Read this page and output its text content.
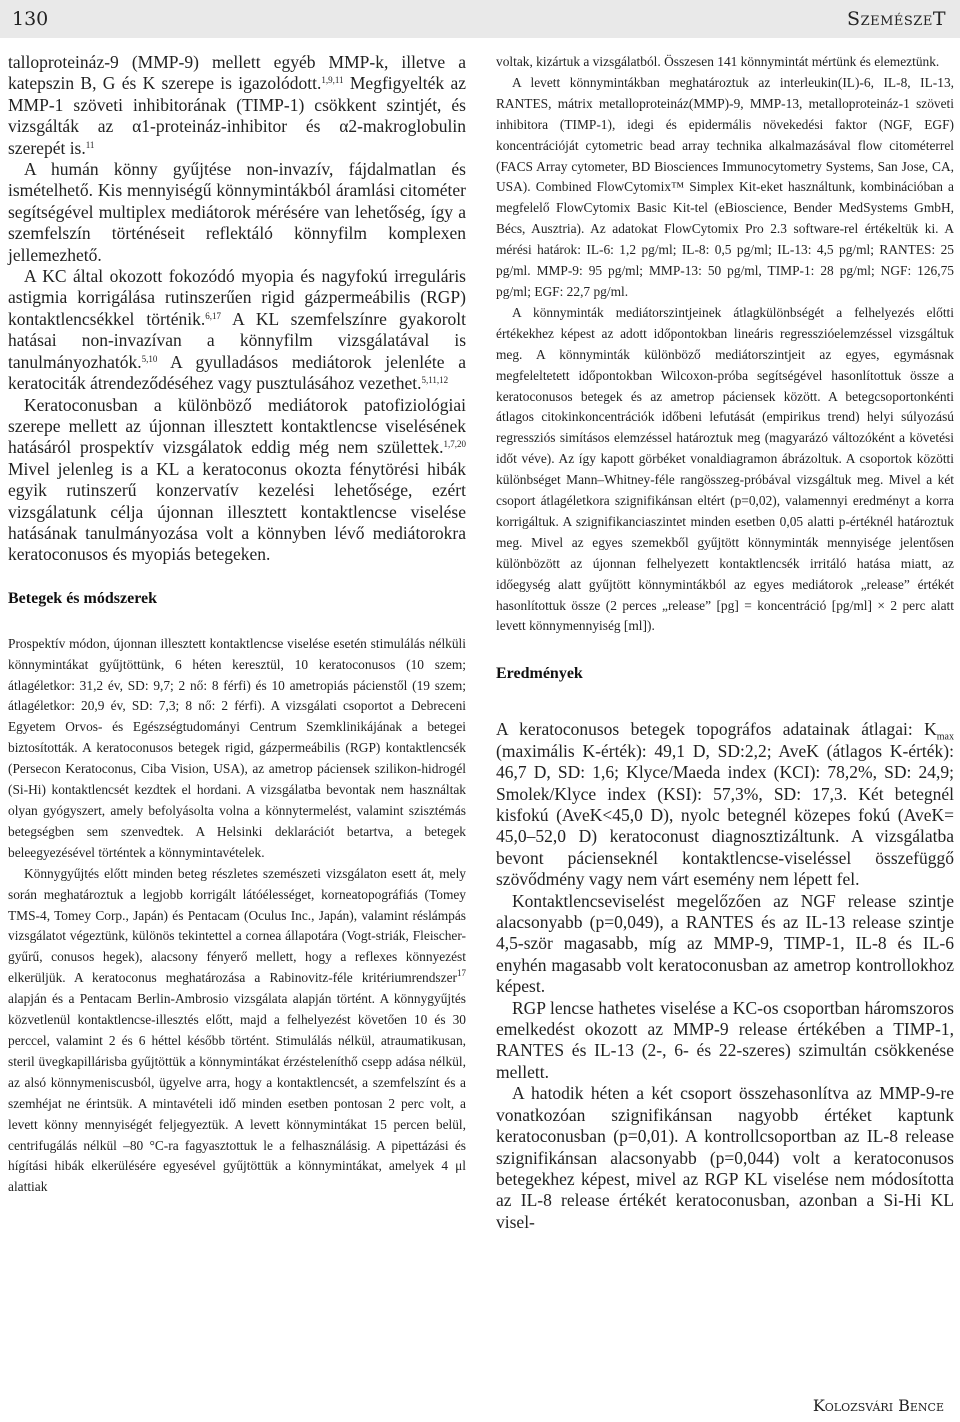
130	SzemészeT

talloproteináz-9 (MMP-9) mellett egyéb MMP-k, illetve a katepszin B, G és K szerepe is igazolódott.$^{1,9,11}$ Megfigyelték az MMP-1 szöveti inhibitorának (TIMP-1) csökkent szintjét, és vizsgálták az α1-proteináz-inhibitor és α2-makroglobulin szerepét is.$^{11}$

A humán könny gyűjtése non-invazív, fájdalmatlan és ismételhető. Kis mennyiségű könnymintákból áramlási citométer segítségével multiplex mediátorok mérésére van lehetőség, így a szemfelszín történéseit reflektáló könnyfilm komplexen jellemezhető.

A KC által okozott fokozódó myopia és nagyfokú irreguláris astigmia korrigálása rutinszerűen rigid gázpermeábilis (RGP) kontaktlencsékkel történik.$^{6,17}$ A KL szemfelszínre gyakorolt hatásai non-invazívan a könnyfilm vizsgálatával is tanulmányozhatók.$^{5,10}$ A gyulladásos mediátorok jelenléte a keratociták átrendeződéséhez vagy pusztulásához vezethet.$^{5,11,12}$

Keratoconusban a különböző mediátorok patofiziológiai szerepe mellett az újonnan illesztett kontaktlencse viselésének hatásáról prospektív vizsgálatok eddig még nem születtek.$^{1,7,20}$ Mivel jelenleg is a KL a keratoconus okozta fénytörési hibák egyik rutinszerű konzervatív kezelési lehetősége, ezért vizsgálatunk célja újonnan illesztett kontaktlencse viselése hatásának tanulmányozása volt a könnyben lévő mediátorokra keratoconusos és myopiás betegeken.

Betegek és módszerek

Prospektív módon, újonnan illesztett kontaktlencse viselése esetén stimulálás nélküli könnymintákat gyűjtöttünk, 6 héten keresztül, 10 keratoconusos (10 szem; átlagéletkor: 31,2 év, SD: 9,7; 2 nő: 8 férfi) és 10 ametropiás pácienstől (19 szem; átlagéletkor: 20,9 év, SD: 7,3; 8 nő: 2 férfi). A vizsgálati csoportot a Debreceni Egyetem Orvos- és Egészségtudományi Centrum Szemklinikájának a betegei biztosították. A keratoconusos betegek rigid, gázpermeábilis (RGP) kontaktlencsék (Persecon Keratoconus, Ciba Vision, USA), az ametrop páciensek szilikon-hidrogél (Si-Hi) kontaktlencsét kezdtek el hordani. A vizsgálatba bevontak nem használtak olyan gyógyszert, amely befolyásolta volna a könnytermelést, valamint szisztémás betegségben sem szenvedtek. A Helsinki deklarációt betartva, a betegek beleegyezésével történtek a könnymintavételek.

Könnygyűjtés előtt minden beteg részletes szemészeti vizsgálaton esett át, mely során meghatároztuk a legjobb korrigált látóélességet, korneatopográfiás (Tomey TMS-4, Tomey Corp., Japán) és Pentacam (Oculus Inc., Japán), valamint réslámpás vizsgálatot végeztünk, különös tekintettel a cornea állapotára (Vogt-striák, Fleischer-gyűrű, conusos hegek), alacsony fényerő mellett, hogy a reflexes könnyezést elkerüljük. A keratoconus meghatározása a Rabinovitz-féle kritériumrendszer$^{17}$ alapján és a Pentacam Berlin-Ambrosio vizsgálata alapján történt. A könnygyűjtés közvetlenül kontaktlencse-illesztés előtt, majd a felhelyezést követően 10 és 30 perccel, valamint 2 és 6 héttel később történt. Stimulálás nélkül, atraumatikusan, steril üvegkapillárisba gyűjtöttük a könnymintákat érzésteleníthő csepp adása nélkül, az alsó könnymeniscusból, ügyelve arra, hogy a kontaktlencsét, a szemfelszínt és a szemhéjat ne érintsük. A mintavételi idő minden esetben pontosan 2 perc volt, a levett könny mennyiségét feljegyeztük. A levett könnymintákat 15 percen belül, centrifugálás nélkül –80 °C-ra fagyasztottuk le a felhasználásig. A pipettázási és hígítási hibák elkerülésére egyesével gyűjtöttük a könnymintákat, amelyek 4 μl alattiak

voltak, kizártuk a vizsgálatból. Összesen 141 könnymintát mértünk és elemeztünk.

A levett könnymintákban meghatároztuk az interleukin(IL)-6, IL-8, IL-13, RANTES, mátrix metalloproteináz(MMP)-9, MMP-13, metalloproteináz-1 szöveti inhibitora (TIMP-1), idegi és epidermális növekedési faktor (NGF, EGF) koncentrációját cytometric bead array technika alkalmazásával flow citométerrel (FACS Array cytometer, BD Biosciences Immunocytometry Systems, San Jose, CA, USA). Combined FlowCytomix™ Simplex Kit-eket használtunk, kombinációban a megfelelő FlowCytomix Basic Kit-tel (eBioscience, Bender MedSystems GmbH, Bécs, Ausztria). Az adatokat FlowCytomix Pro 2.3 software-rel értékeltük ki. A mérési határok: IL-6: 1,2 pg/ml; IL-8: 0,5 pg/ml; IL-13: 4,5 pg/ml; RANTES: 25 pg/ml. MMP-9: 95 pg/ml; MMP-13: 50 pg/ml, TIMP-1: 28 pg/ml; NGF: 126,75 pg/ml; EGF: 22,7 pg/ml.

A könnyminták mediátorszintjeinek átlagkülönbségét a felhelyezés előtti értékekhez képest az adott időpontokban lineáris regresszióelemzéssel vizsgáltuk meg. A könnyminták különböző mediátorszintjeit az egyes, egymásnak megfeleltetett időpontokban Wilcoxon-próba segítségével hasonlítottuk össze a keratoconusos betegek és az ametrop páciensek között. A betegcsoportonkénti átlagos citokinkoncentrációk időbeni lefutását (empirikus trend) helyi súlyozású regressziós simításos elemzéssel határoztuk meg (magyarázó változóként a követési időt véve). Az így kapott görbéket vonaldiagramon ábrázoltuk. A csoportok közötti különbséget Mann–Whitney-féle rangösszeg-próbával vizsgáltuk meg. Mivel a két csoport átlagéletkora szignifikánsan eltért (p=0,02), valamennyi eredményt a korra korrigáltuk. A szignifikanciaszintet minden esetben 0,05 alatti p-értéknél határoztuk meg. Mivel az egyes szemekből gyűjtött könnyminták mennyisége jelentősen különbözött az újonnan felhelyezett kontaktlencsék irritáló hatása miatt, az időegység alatt gyűjtött könnymintákból az egyes mediátorok „release” értékét hasonlítottuk össze (2 perces „release” [pg] = koncentráció [pg/ml] × 2 perc alatt levett könnymennyiség [ml]).

Eredmények

A keratoconusos betegek topográfos adatainak átlagai: $K_{max}$ (maximális K-érték): 49,1 D, SD:2,2; AveK (átlagos K-érték): 46,7 D, SD: 1,6; Klyce/Maeda index (KCI): 78,2%, SD: 24,9; Smolek/Klyce index (KSI): 57,3%, SD: 17,3. Két betegnél kisfokú (AveK<45,0 D), nyolc betegnél közepes fokú (AveK= 45,0–52,0 D) keratoconust diagnosztizáltunk. A vizsgálatba bevont pácienseknél kontaktlencse-viseléssel összefüggő szövődmény vagy nem várt esemény nem lépett fel.

Kontaktlencseviselést megelőzően az NGF release szintje alacsonyabb (p=0,049), a RANTES és az IL-13 release szintje 4,5-ször magasabb, míg az MMP-9, TIMP-1, IL-8 és IL-6 enyhén magasabb volt keratoconusban az ametrop kontrollokhoz képest.

RGP lencse hathetes viselése a KC-os csoportban háromszoros emelkedést okozott az MMP-9 release értékében a TIMP-1, RANTES és IL-13 (2-, 6- és 22-szeres) szimultán csökkenése mellett.

A hatodik héten a két csoport összehasonlítva az MMP-9-re vonatkozóan szignifikánsan nagyobb értéket kaptunk keratoconusban (p=0,01). A kontrollcsoportban az IL-8 release szignifikánsan alacsonyabb (p=0,044) volt a keratoconusos betegekhez képest, mivel az RGP KL viselése nem módosította az IL-8 release értékét keratoconusban, azonban a Si-Hi KL visel-

Kolozsvári Bence
